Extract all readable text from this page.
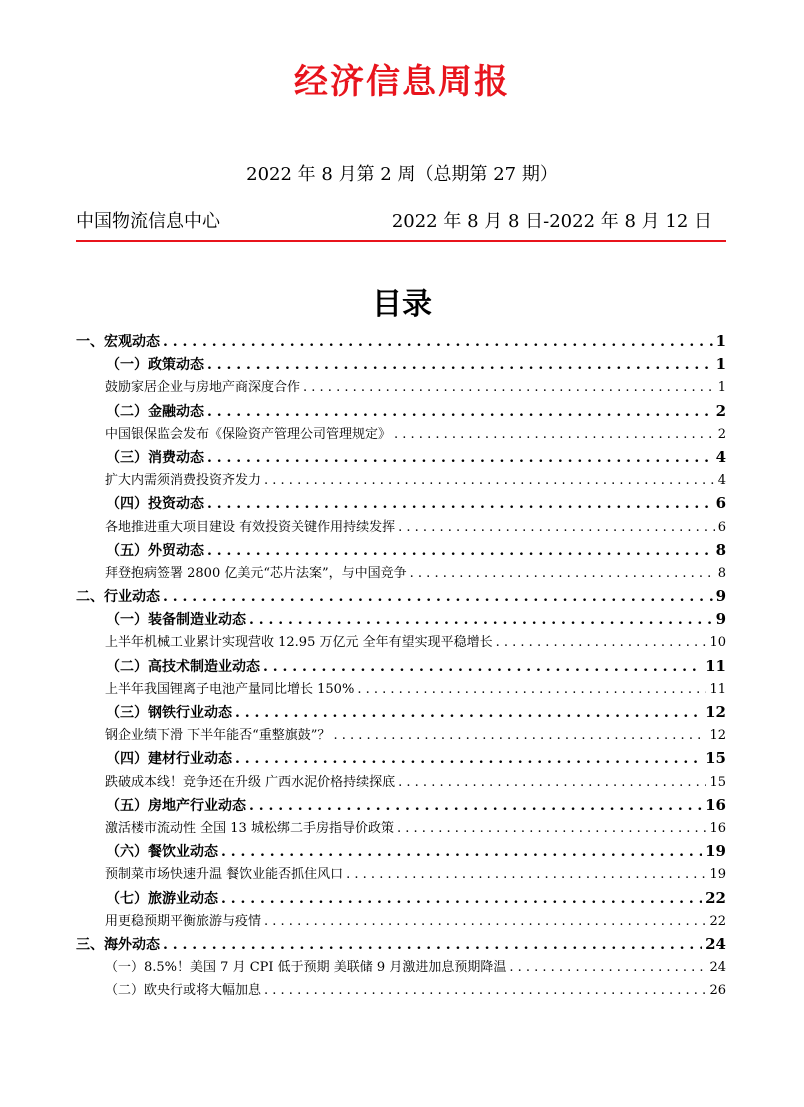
经济信息周报
2022 年 8 月第 2 周（总期第 27 期）
中国物流信息中心	2022 年 8 月 8 日-2022 年 8 月 12 日
目录
一、宏观动态 . . .	1
（一）政策动态 . . .	1
鼓励家居企业与房地产商深度合作 . . .	1
（二）金融动态 . . .	2
中国银保监会发布《保险资产管理公司管理规定》 . . .	2
（三）消费动态 . . .	4
扩大内需须消费投资齐发力 . . .	4
（四）投资动态 . . .	6
各地推进重大项目建设 有效投资关键作用持续发挥 . . .	6
（五）外贸动态 . . .	8
拜登抱病签署 2800 亿美元“芯片法案”，与中国竞争 . . .	8
二、行业动态 . . .	9
（一）装备制造业动态 . . .	9
上半年机械工业累计实现营收 12.95 万亿元 全年有望实现平稳增长 . . .	10
（二）高技术制造业动态 . . .	11
上半年我国锂离子电池产量同比增长 150% . . .	11
（三）钢铁行业动态 . . .	12
钢企业绩下滑 下半年能否“重整旗鼓”？ . . .	12
（四）建材行业动态 . . .	15
跌破成本线！竞争还在升级 广西水泥价格持续探底 . . .	15
（五）房地产行业动态 . . .	16
激活楼市流动性 全国 13 城松绑二手房指导价政策 . . .	16
（六）餐饮业动态 . . .	19
预制菜市场快速升温 餐饮业能否抓住风口 . . .	19
（七）旅游业动态 . . .	22
用更稳预期平衡旅游与疫情 . . .	22
三、海外动态 . . .	24
（一）8.5%！美国 7 月 CPI 低于预期 美联储 9 月激进加息预期降温 . . .	24
（二）欧央行或将大幅加息 . . .	26
